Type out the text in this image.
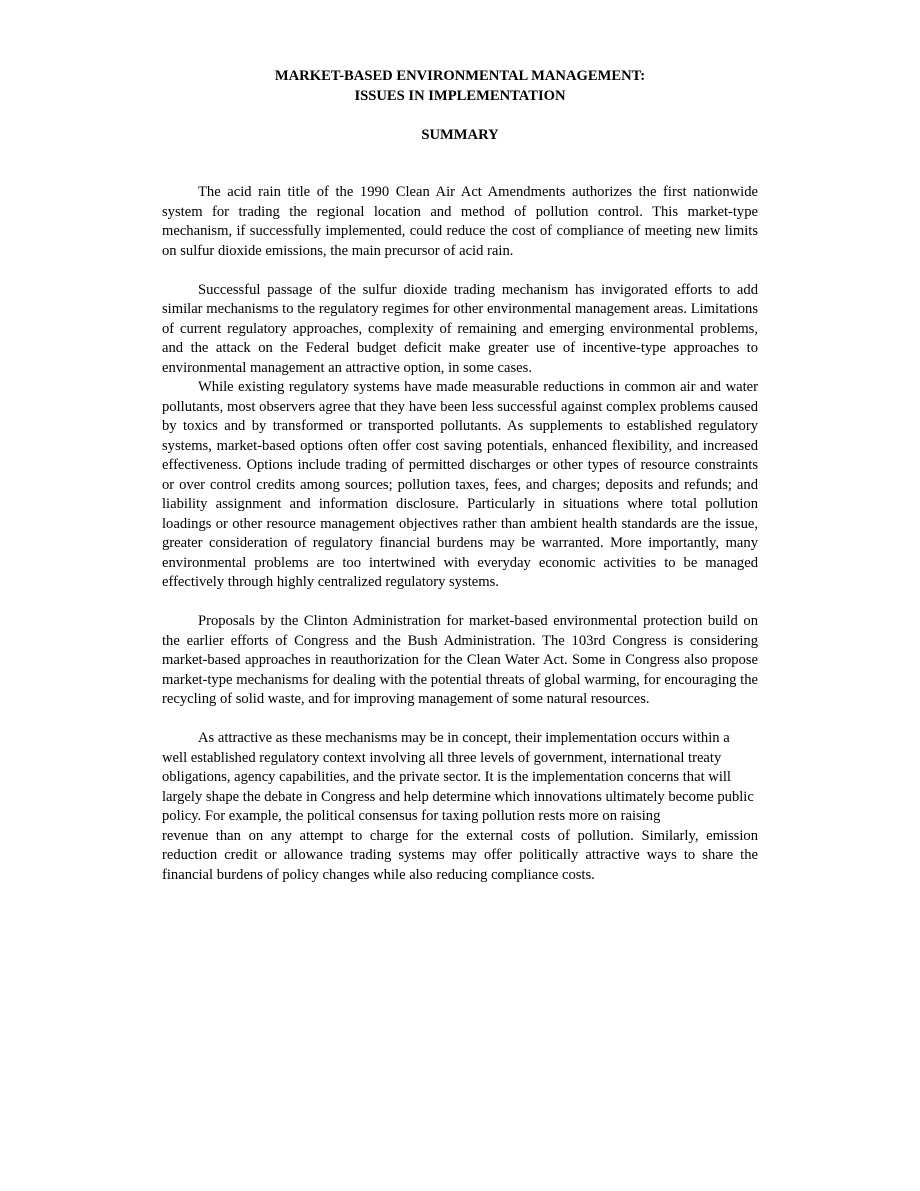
MARKET-BASED ENVIRONMENTAL MANAGEMENT:
ISSUES IN IMPLEMENTATION
SUMMARY

The acid rain title of the 1990 Clean Air Act Amendments authorizes the first nationwide system for trading the regional location and method of pollution control. This market-type mechanism, if successfully implemented, could reduce the cost of compliance of meeting new limits on sulfur dioxide emissions, the main precursor of acid rain.

Successful passage of the sulfur dioxide trading mechanism has invigorated efforts to add similar mechanisms to the regulatory regimes for other environmental management areas. Limitations of current regulatory approaches, complexity of remaining and emerging environmental problems, and the attack on the Federal budget deficit make greater use of incentive-type approaches to environmental management an attractive option, in some cases.

While existing regulatory systems have made measurable reductions in common air and water pollutants, most observers agree that they have been less successful against complex problems caused by toxics and by transformed or transported pollutants. As supplements to established regulatory systems, market-based options often offer cost saving potentials, enhanced flexibility, and increased effectiveness. Options include trading of permitted discharges or other types of resource constraints or over control credits among sources; pollution taxes, fees, and charges; deposits and refunds; and liability assignment and information disclosure. Particularly in situations where total pollution loadings or other resource management objectives rather than ambient health standards are the issue, greater consideration of regulatory financial burdens may be warranted. More importantly, many environmental problems are too intertwined with everyday economic activities to be managed effectively through highly centralized regulatory systems.

Proposals by the Clinton Administration for market-based environmental protection build on the earlier efforts of Congress and the Bush Administration. The 103rd Congress is considering market-based approaches in reauthorization for the Clean Water Act. Some in Congress also propose market-type mechanisms for dealing with the potential threats of global warming, for encouraging the recycling of solid waste, and for improving management of some natural resources.

As attractive as these mechanisms may be in concept, their implementation occurs within a well established regulatory context involving all three levels of government, international treaty obligations, agency capabilities, and the private sector. It is the implementation concerns that will largely shape the debate in Congress and help determine which innovations ultimately become public policy. For example, the political consensus for taxing pollution rests more on raising

revenue than on any attempt to charge for the external costs of pollution. Similarly, emission reduction credit or allowance trading systems may offer politically attractive ways to share the financial burdens of policy changes while also reducing compliance costs.
